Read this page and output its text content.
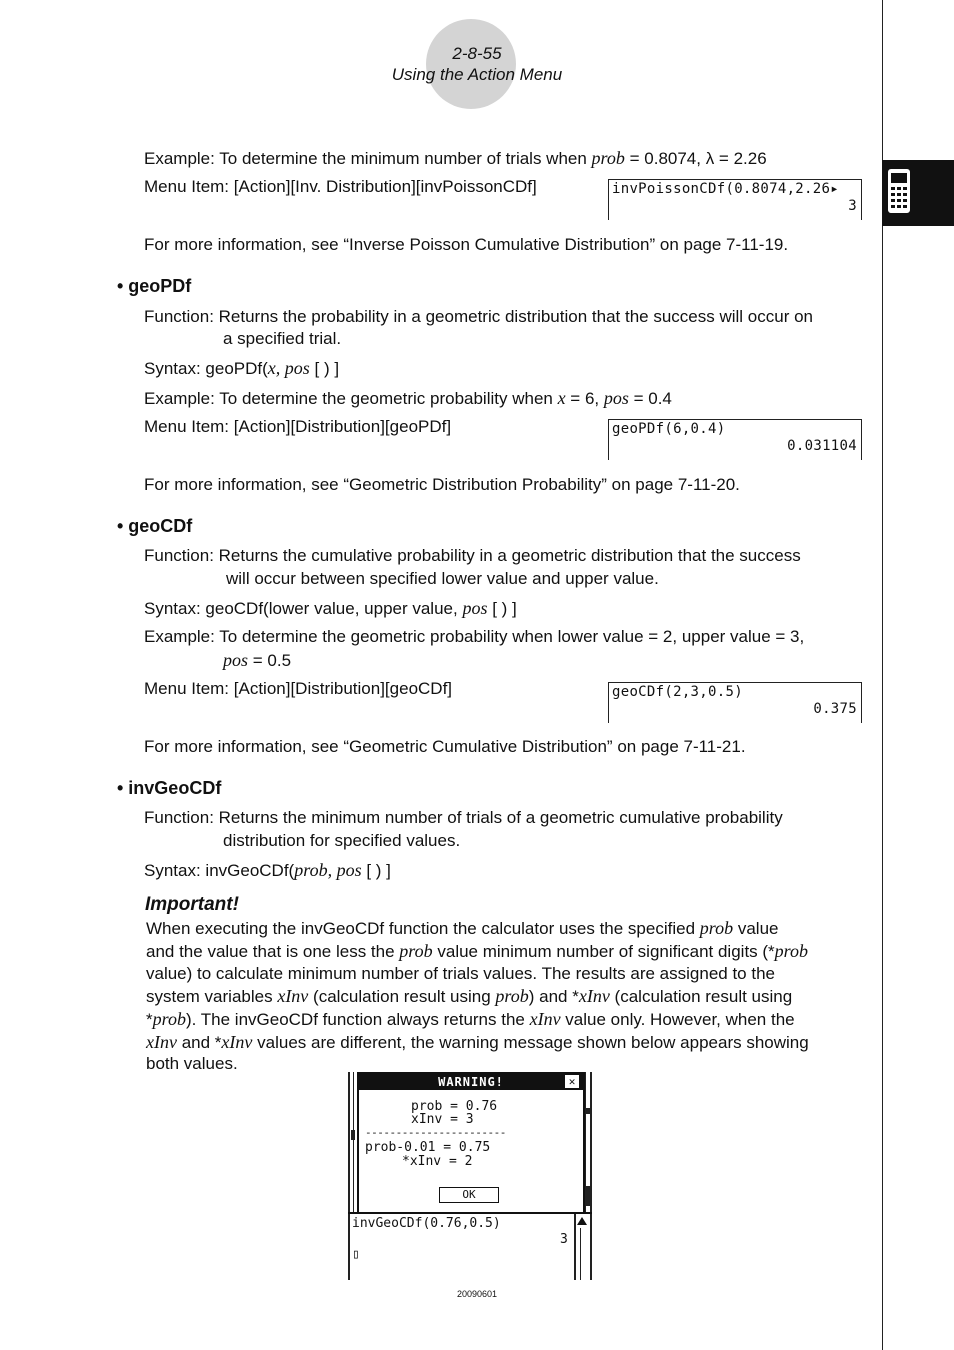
2-8-55
Using the Action Menu
Example: To determine the minimum number of trials when prob = 0.8074, λ = 2.26
Menu Item: [Action][Inv. Distribution][invPoissonCDf]	invPoissonCDf(0.8074,2.26▸
3
For more information, see “Inverse Poisson Cumulative Distribution” on page 7-11-19.
• geoPDf
Function: Returns the probability in a geometric distribution that the success will occur on
a specified trial.
Syntax: geoPDf(x, pos [ ) ]
Example: To determine the geometric probability when x = 6, pos = 0.4
Menu Item: [Action][Distribution][geoPDf]	geoPDf(6,0.4)
0.031104
For more information, see “Geometric Distribution Probability” on page 7-11-20.
• geoCDf
Function: Returns the cumulative probability in a geometric distribution that the success
will occur between specified lower value and upper value.
Syntax: geoCDf(lower value, upper value, pos [ ) ]
Example: To determine the geometric probability when lower value = 2, upper value = 3,
pos = 0.5
Menu Item: [Action][Distribution][geoCDf]	geoCDf(2,3,0.5)
0.375
For more information, see “Geometric Cumulative Distribution” on page 7-11-21.
• invGeoCDf
Function: Returns the minimum number of trials of a geometric cumulative probability
distribution for specified values.
Syntax: invGeoCDf(prob, pos [ ) ]
Important!
When executing the invGeoCDf function the calculator uses the specified prob value
and the value that is one less the prob value minimum number of significant digits (*prob
value) to calculate minimum number of trials values. The results are assigned to the
system variables xInv (calculation result using prob) and *xInv (calculation result using
*prob). The invGeoCDf function always returns the xInv value only. However, when the
xInv and *xInv values are different, the warning message shown below appears showing
both values.
WARNING!	✕
prob = 0.76
xInv = 3
-----------------------
prob-0.01 = 0.75
*xInv = 2
OK
invGeoCDf(0.76,0.5)
3
▯
20090601
